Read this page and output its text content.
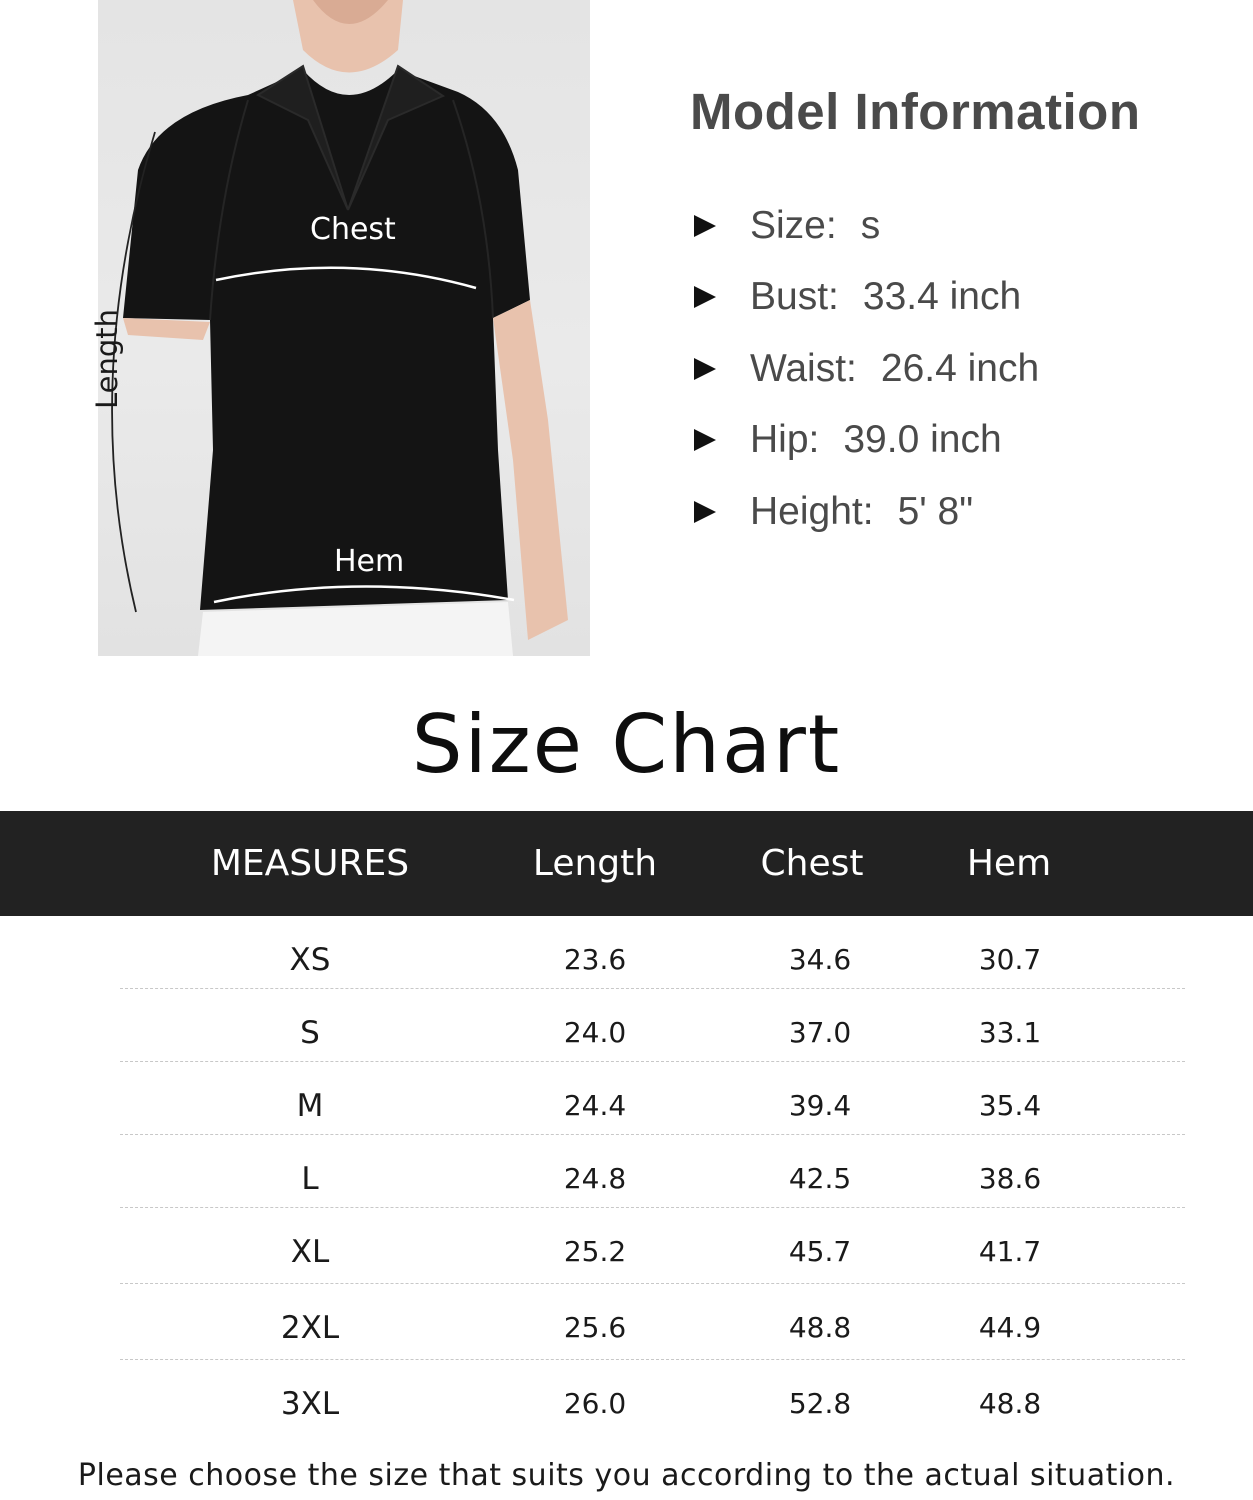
Chest
Hem
Length
Model Information
Size: s
Bust: 33.4 inch
Waist: 26.4 inch
Hip: 39.0 inch
Height: 5' 8"
Size Chart
MEASURES	Length	Chest	Hem
XS	23.6	34.6	30.7
S	24.0	37.0	33.1
M	24.4	39.4	35.4
L	24.8	42.5	38.6
XL	25.2	45.7	41.7
2XL	25.6	48.8	44.9
3XL	26.0	52.8	48.8
Please choose the size that suits you according to the actual situation.
